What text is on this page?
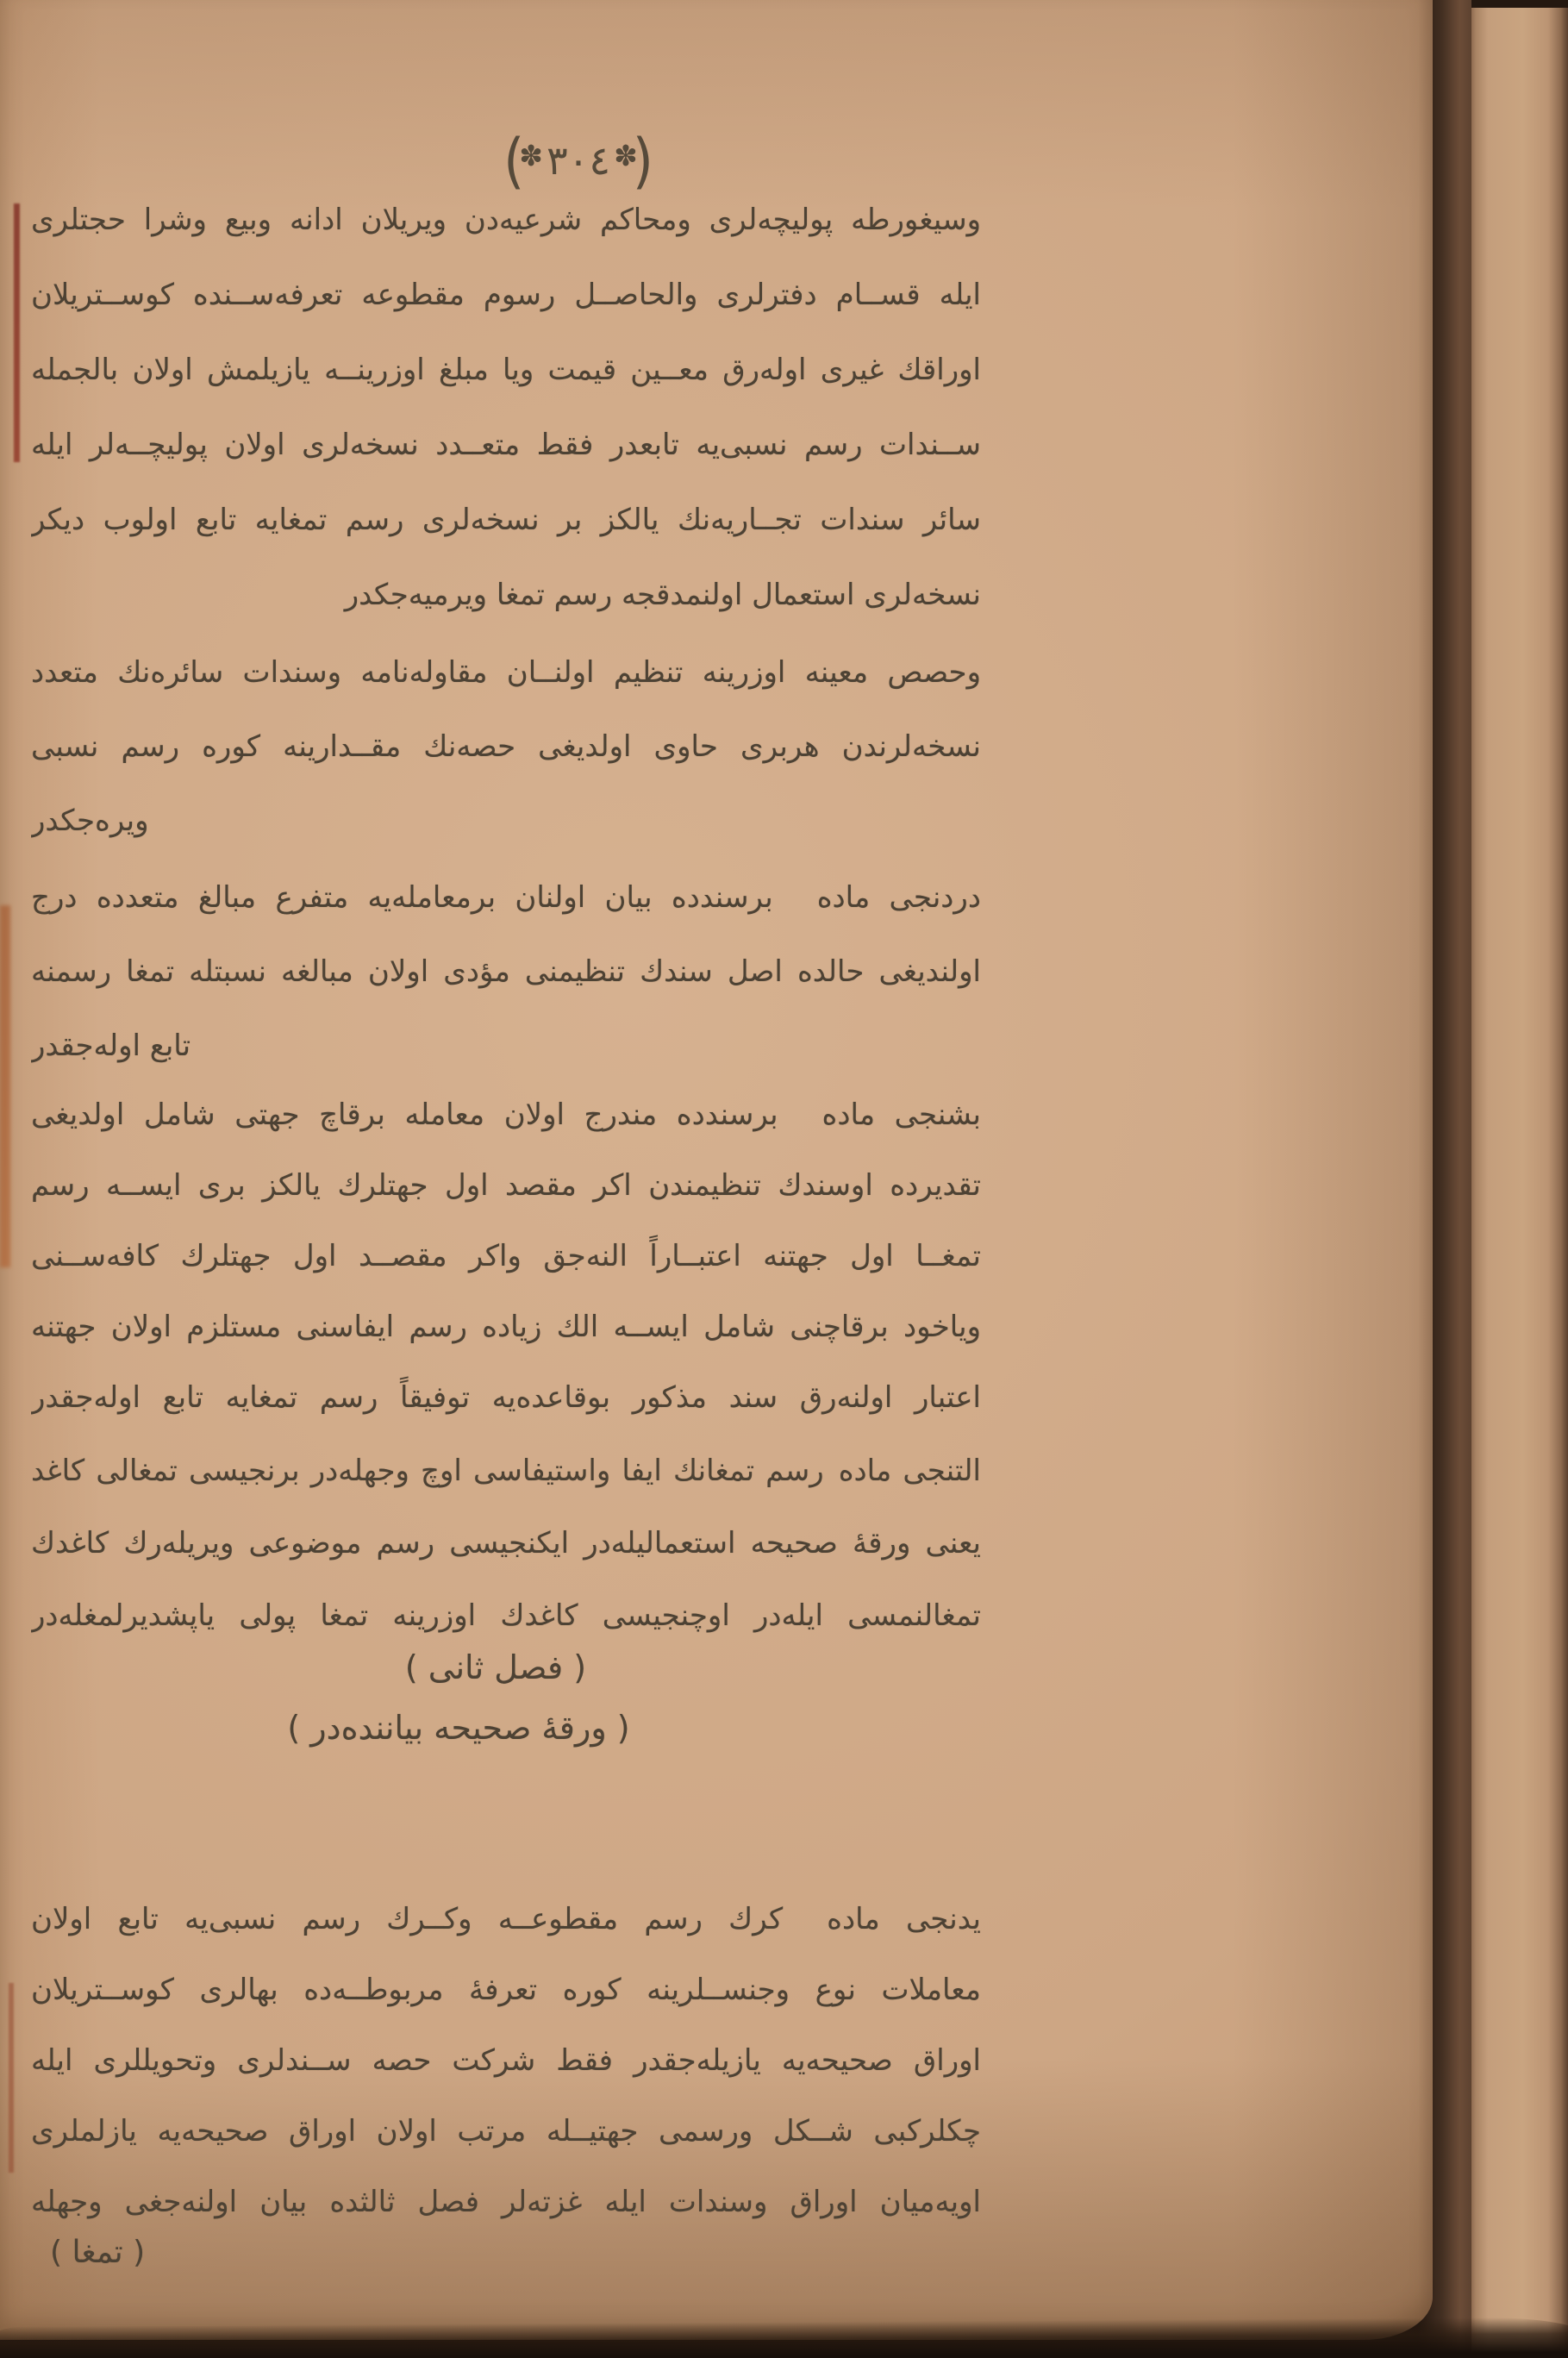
(✽٣٠٤ ✽)
وسيغورطه پوليچه‌لرى ومحاكم شرعيه‌دن ويريلان ادانه وبيع وشرا حجتلرى
ايله قســام دفترلرى والحاصــل رسوم مقطوعه تعرفه‌ســنده كوســتريلان
اوراقك غيرى اوله‌رق معــين قيمت ويا مبلغ اوزرينــه يازيلمش اولان بالجمله
ســندات رسم نسبى‌يه تابعدر فقط متعــدد نسخه‌لرى اولان پوليچــه‌لر ايله
سائر سندات تجــاريه‌نك يالكز بر نسخه‌لرى رسم تمغايه تابع اولوب ديكر
نسخه‌لرى استعمال اولنمدقجه رسم تمغا ويرميه‌جكدر
وحصص معينه اوزرينه تنظيم اولنــان مقاوله‌نامه وسندات سائره‌نك متعدد
نسخه‌لرندن هربرى حاوى اولديغى حصه‌نك مقــدارينه كوره رسم نسبى
ويره‌جكدر
دردنجى ماده  برسندده بيان اولنان برمعامله‌يه متفرع مبالغ متعدده درج
اولنديغى حالده اصل سندك تنظيمنى مؤدى اولان مبالغه نسبتله تمغا رسمنه
تابع اوله‌جقدر
بشنجى ماده  برسندده مندرج اولان معامله برقاچ جهتى شامل اولديغى
تقديرده اوسندك تنظيمندن اكر مقصد اول جهتلرك يالكز برى ايســه رسم
تمغــا اول جهتنه اعتبــاراً النه‌جق واكر مقصــد اول جهتلرك كافه‌ســنى
وياخود برقاچنى شامل ايســه الك زياده رسم ايفاسنى مستلزم اولان جهتنه
اعتبار اولنه‌رق سند مذكور بوقاعده‌يه توفيقاً رسم تمغايه تابع اوله‌جقدر
التنجى ماده رسم تمغانك ايفا واستيفاسى اوچ وجهله‌در برنجيسى تمغالى كاغد
يعنى ورقهٔ صحيحه استعماليله‌در ايكنجيسى رسم موضوعى ويريله‌رك كاغدك
تمغالنمسى ايله‌در اوچنجيسى كاغدك اوزرينه تمغا پولى ياپشديرلمغله‌در
( فصل ثانى )
( ورقهٔ صحيحه بياننده‌در )
يدنجى ماده  كرك رسم مقطوعــه وكــرك رسم نسبى‌يه تابع اولان
معاملات نوع وجنســلرينه كوره تعرفهٔ مربوطــه‌ده بهالرى كوســتريلان
اوراق صحيحه‌يه يازيله‌جقدر فقط شركت حصه ســندلرى وتحويللرى ايله
چكلركبى شــكل ورسمى جهتيــله مرتب اولان اوراق صحيحه‌يه يازلملرى
اويه‌ميان اوراق وسندات ايله غزته‌لر فصل ثالثده بيان اولنه‌جغى وجهله
( تمغا )
